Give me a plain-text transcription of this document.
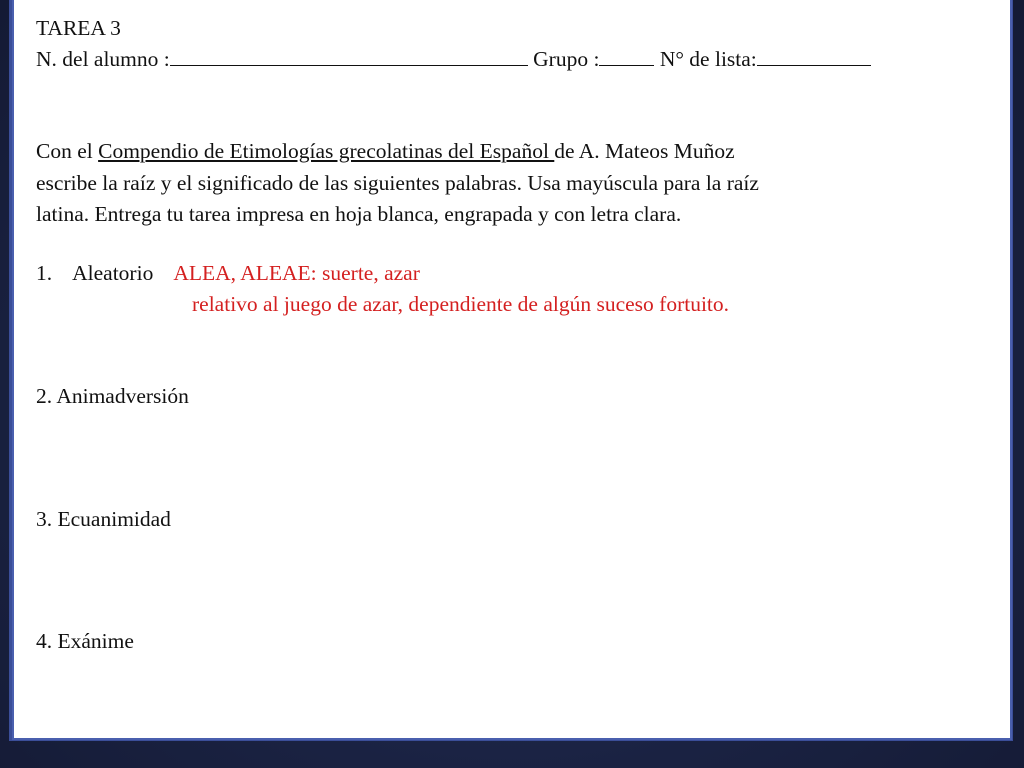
TAREA 3
N. del alumno :	Grupo :	N° de lista:
Con el Compendio de Etimologías grecolatinas del Español de A. Mateos Muñoz
escribe la raíz y el significado de las siguientes palabras. Usa mayúscula para la raíz
latina. Entrega tu tarea impresa en hoja blanca, engrapada y con letra clara.
1. Aleatorio ALEA, ALEAE: suerte, azar
relativo al juego de azar, dependiente de algún suceso fortuito.
2. Animadversión
3. Ecuanimidad
4. Exánime
